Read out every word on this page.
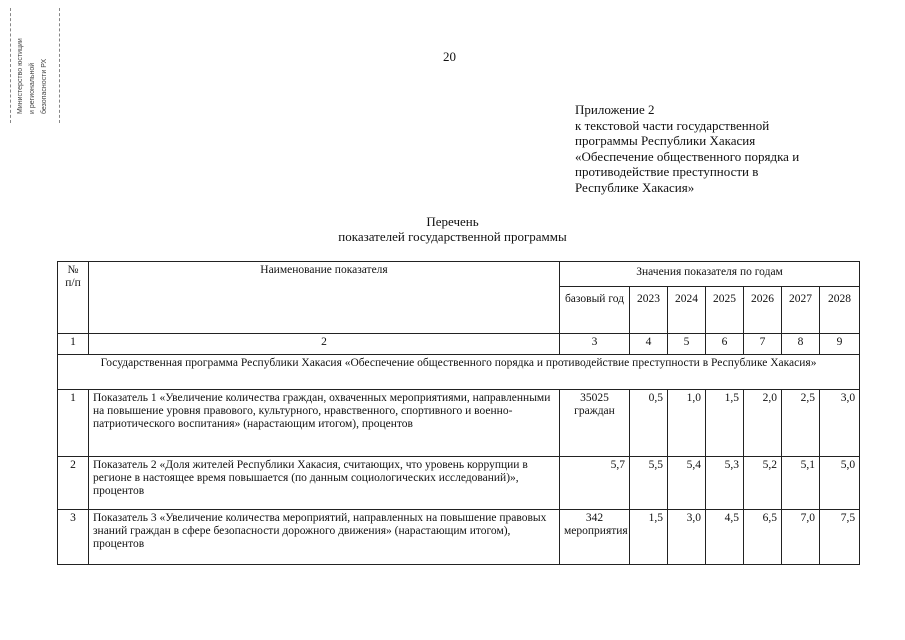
Министерство юстиции и региональной безопасности РХ
20
Приложение 2
к текстовой части государственной
программы Республики Хакасия
«Обеспечение общественного порядка и
противодействие преступности в
Республике Хакасия»
Перечень
показателей государственной программы
№ п/п	Наименование показателя	Значения показателя по годам						
		базовый год	2023	2024	2025	2026	2027	2028
1	2	3	4	5	6	7	8	9
Государственная программа Республики Хакасия «Обеспечение общественного порядка и противодействие преступности в Республике Хакасия»								
1	Показатель 1 «Увеличение количества граждан, охваченных мероприятиями, направленными на повышение уровня правового, культурного, нравственного, спортивного и военно-патриотического воспитания» (нарастающим итогом), процентов	35025 граждан	0,5	1,0	1,5	2,0	2,5	3,0
2	Показатель 2 «Доля жителей Республики Хакасия, считающих, что уровень коррупции в регионе в настоящее время повышается (по данным социологических исследований)», процентов	5,7	5,5	5,4	5,3	5,2	5,1	5,0
3	Показатель 3 «Увеличение количества мероприятий, направленных на повышение правовых знаний граждан в сфере безопасности дорожного движения» (нарастающим итогом), процентов	342 мероприятия	1,5	3,0	4,5	6,5	7,0	7,5
